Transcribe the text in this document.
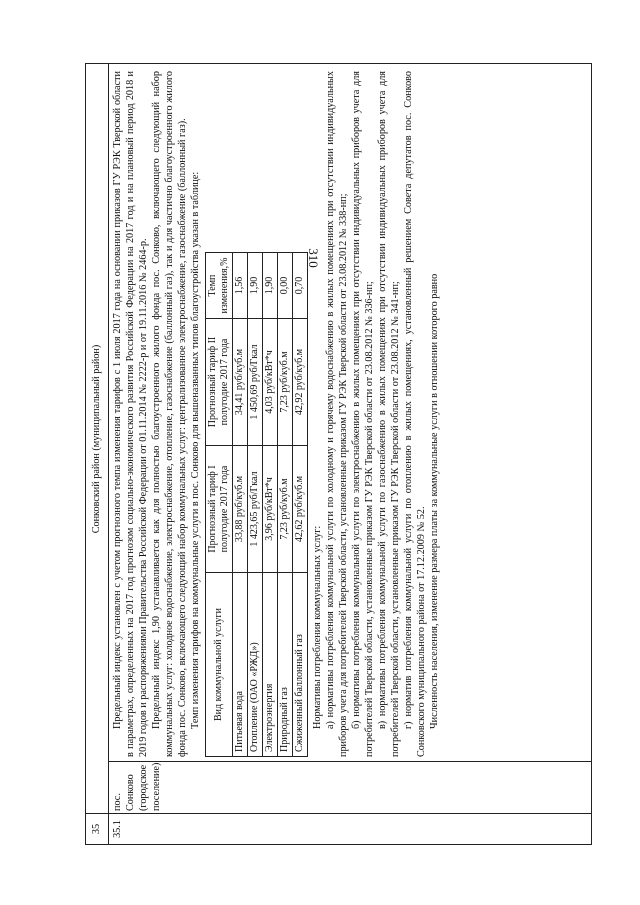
310
35
Сонковский район (муниципальный район)
35.1
пос. Сонково (городское поселение)

Предельный индекс установлен с учетом прогнозного темпа изменения тарифов с 1 июля 2017 года на основании приказов ГУ РЭК Тверской области в параметрах, определенных на 2017 год прогнозом социально-экономического развития Российской Федерации на 2017 год и на плановый период 2018 и 2019 годов и распоряжениями Правительства Российской Федерации от 01.11.2014 № 2222-р и от 19.11.2016 № 2464-р. Предельный индекс 1,90 устанавливается как для полностью благоустроенного жилого фонда пос. Сонково, включающего следующий набор коммунальных услуг: холодное водоснабжение, электроснабжение, отопление, газоснабжение (баллонный газ), так и для частично благоустроенного жилого фонда пос. Сонково, включающего следующий набор коммунальных услуг: централизованное электроснабжение, газоснабжение (баллонный газ). Темп изменения тарифов на коммунальные услуги в пос. Сонково для вышеназванных типов благоустройства указан в таблице: Вид коммунальной услуги	Прогнозный тариф I полугодие 2017 года	Прогнозный тариф II полугодие 2017 года	Темп изменения,%
Питьевая вода	33,88 руб/куб.м	34,41 руб/куб.м	1,56
Отопление (ОАО «РЖД»)	1 423,65 руб/Гкал	1 450,69 руб/Гкал	1,90
Электроэнергия	3,96 руб/кВт*ч	4,03 руб/кВт*ч	1,90
Природный газ	7,23 руб/куб.м	7,23 руб/куб.м	0,00
Сжиженный баллонный газ	42,62 руб/куб.м	42,92 руб/куб.м	0,70

Нормативы потребления коммунальных услуг: а) нормативы потребления коммунальной услуги по холодному и горячему водоснабжению в жилых помещениях при отсутствии индивидуальных приборов учета для потребителей Тверской области, установленные приказом ГУ РЭК Тверской области от 23.08.2012 № 338-нп; б) нормативы потребления коммунальной услуги по электроснабжению в жилых помещениях при отсутствии индивидуальных приборов учета для потребителей Тверской области, установленные приказом ГУ РЭК Тверской области от 23.08.2012 № 336-нп; в) нормативы потребления коммунальной услуги по газоснабжению в жилых помещениях при отсутствии индивидуальных приборов учета для потребителей Тверской области, установленные приказом ГУ РЭК Тверской области от 23.08.2012 № 341-нп; г) норматив потребления коммунальной услуги по отоплению в жилых помещениях, установленный решением Совета депутатов пос. Сонково Сонковского муниципального района от 17.12.2009 № 52. Численность населения, изменение размера платы за коммунальные услуги в отношении которого равно
